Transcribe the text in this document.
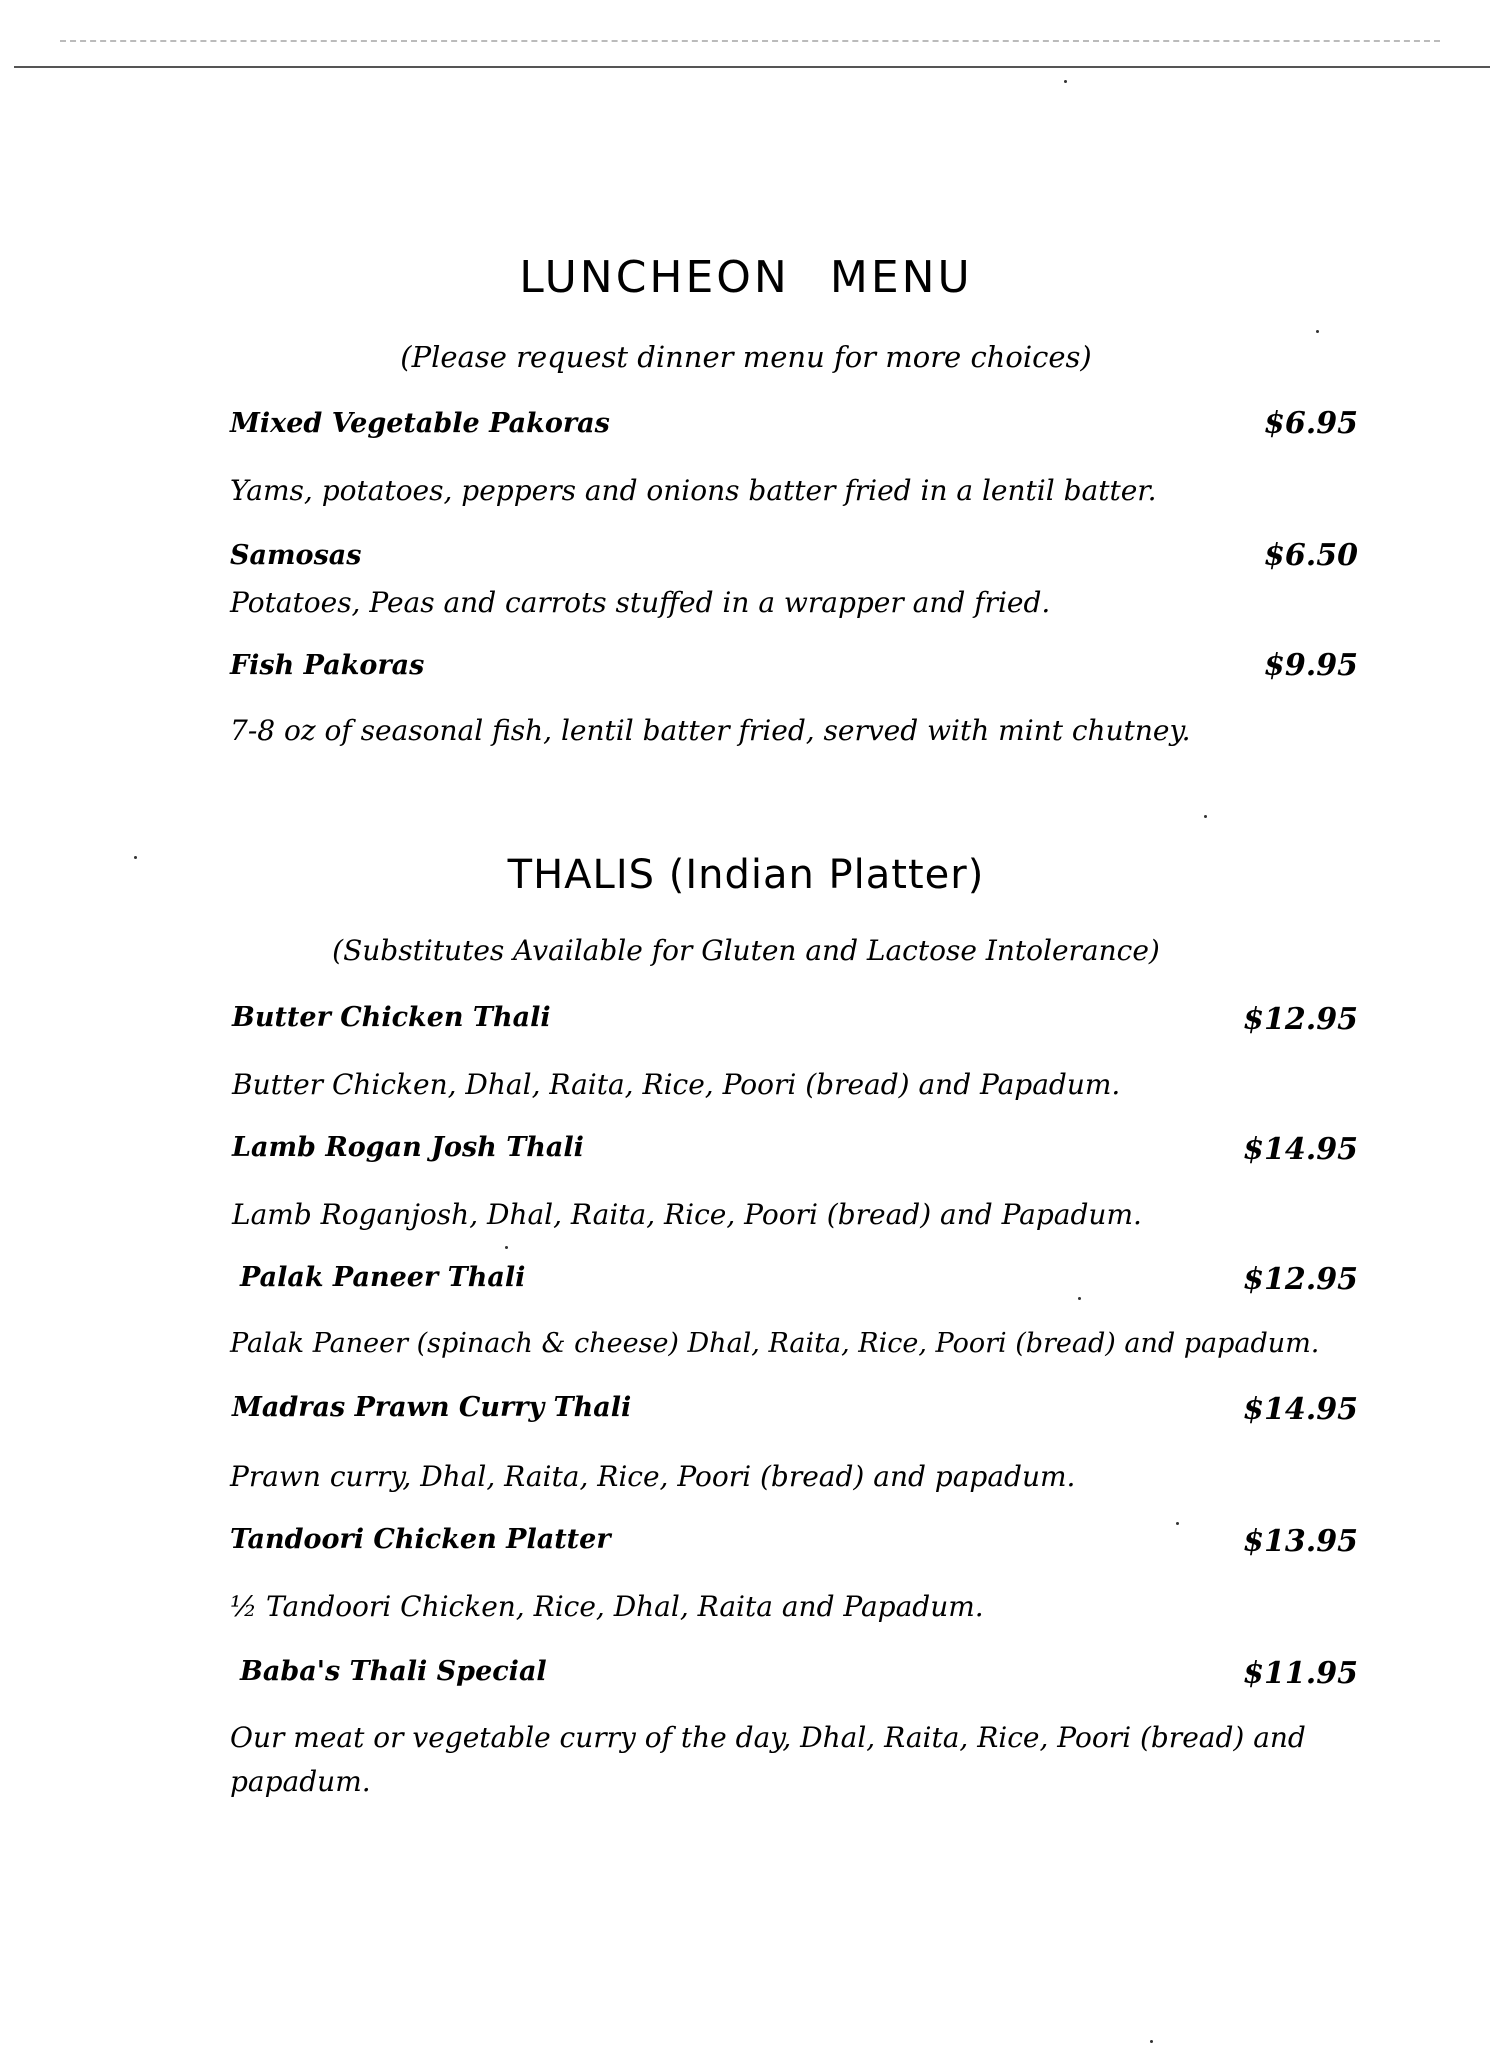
LUNCHEON MENU

(Please request dinner menu for more choices)

Mixed Vegetable Pakoras	$6.95

Yams, potatoes, peppers and onions batter fried in a lentil batter.

Samosas	$6.50

Potatoes, Peas and carrots stuffed in a wrapper and fried.

Fish Pakoras	$9.95

7-8 oz of seasonal fish, lentil batter fried, served with mint chutney.

THALIS (Indian Platter)

(Substitutes Available for Gluten and Lactose Intolerance)

Butter Chicken Thali	$12.95

Butter Chicken, Dhal, Raita, Rice, Poori (bread) and Papadum.

Lamb Rogan Josh Thali	$14.95

Lamb Roganjosh, Dhal, Raita, Rice, Poori (bread) and Papadum.

Palak Paneer Thali	$12.95

Palak Paneer (spinach & cheese) Dhal, Raita, Rice, Poori (bread) and papadum.

Madras Prawn Curry Thali	$14.95

Prawn curry, Dhal, Raita, Rice, Poori (bread) and papadum.

Tandoori Chicken Platter	$13.95

½ Tandoori Chicken, Rice, Dhal, Raita and Papadum.

Baba's Thali Special	$11.95

Our meat or vegetable curry of the day, Dhal, Raita, Rice, Poori (bread) and papadum.
